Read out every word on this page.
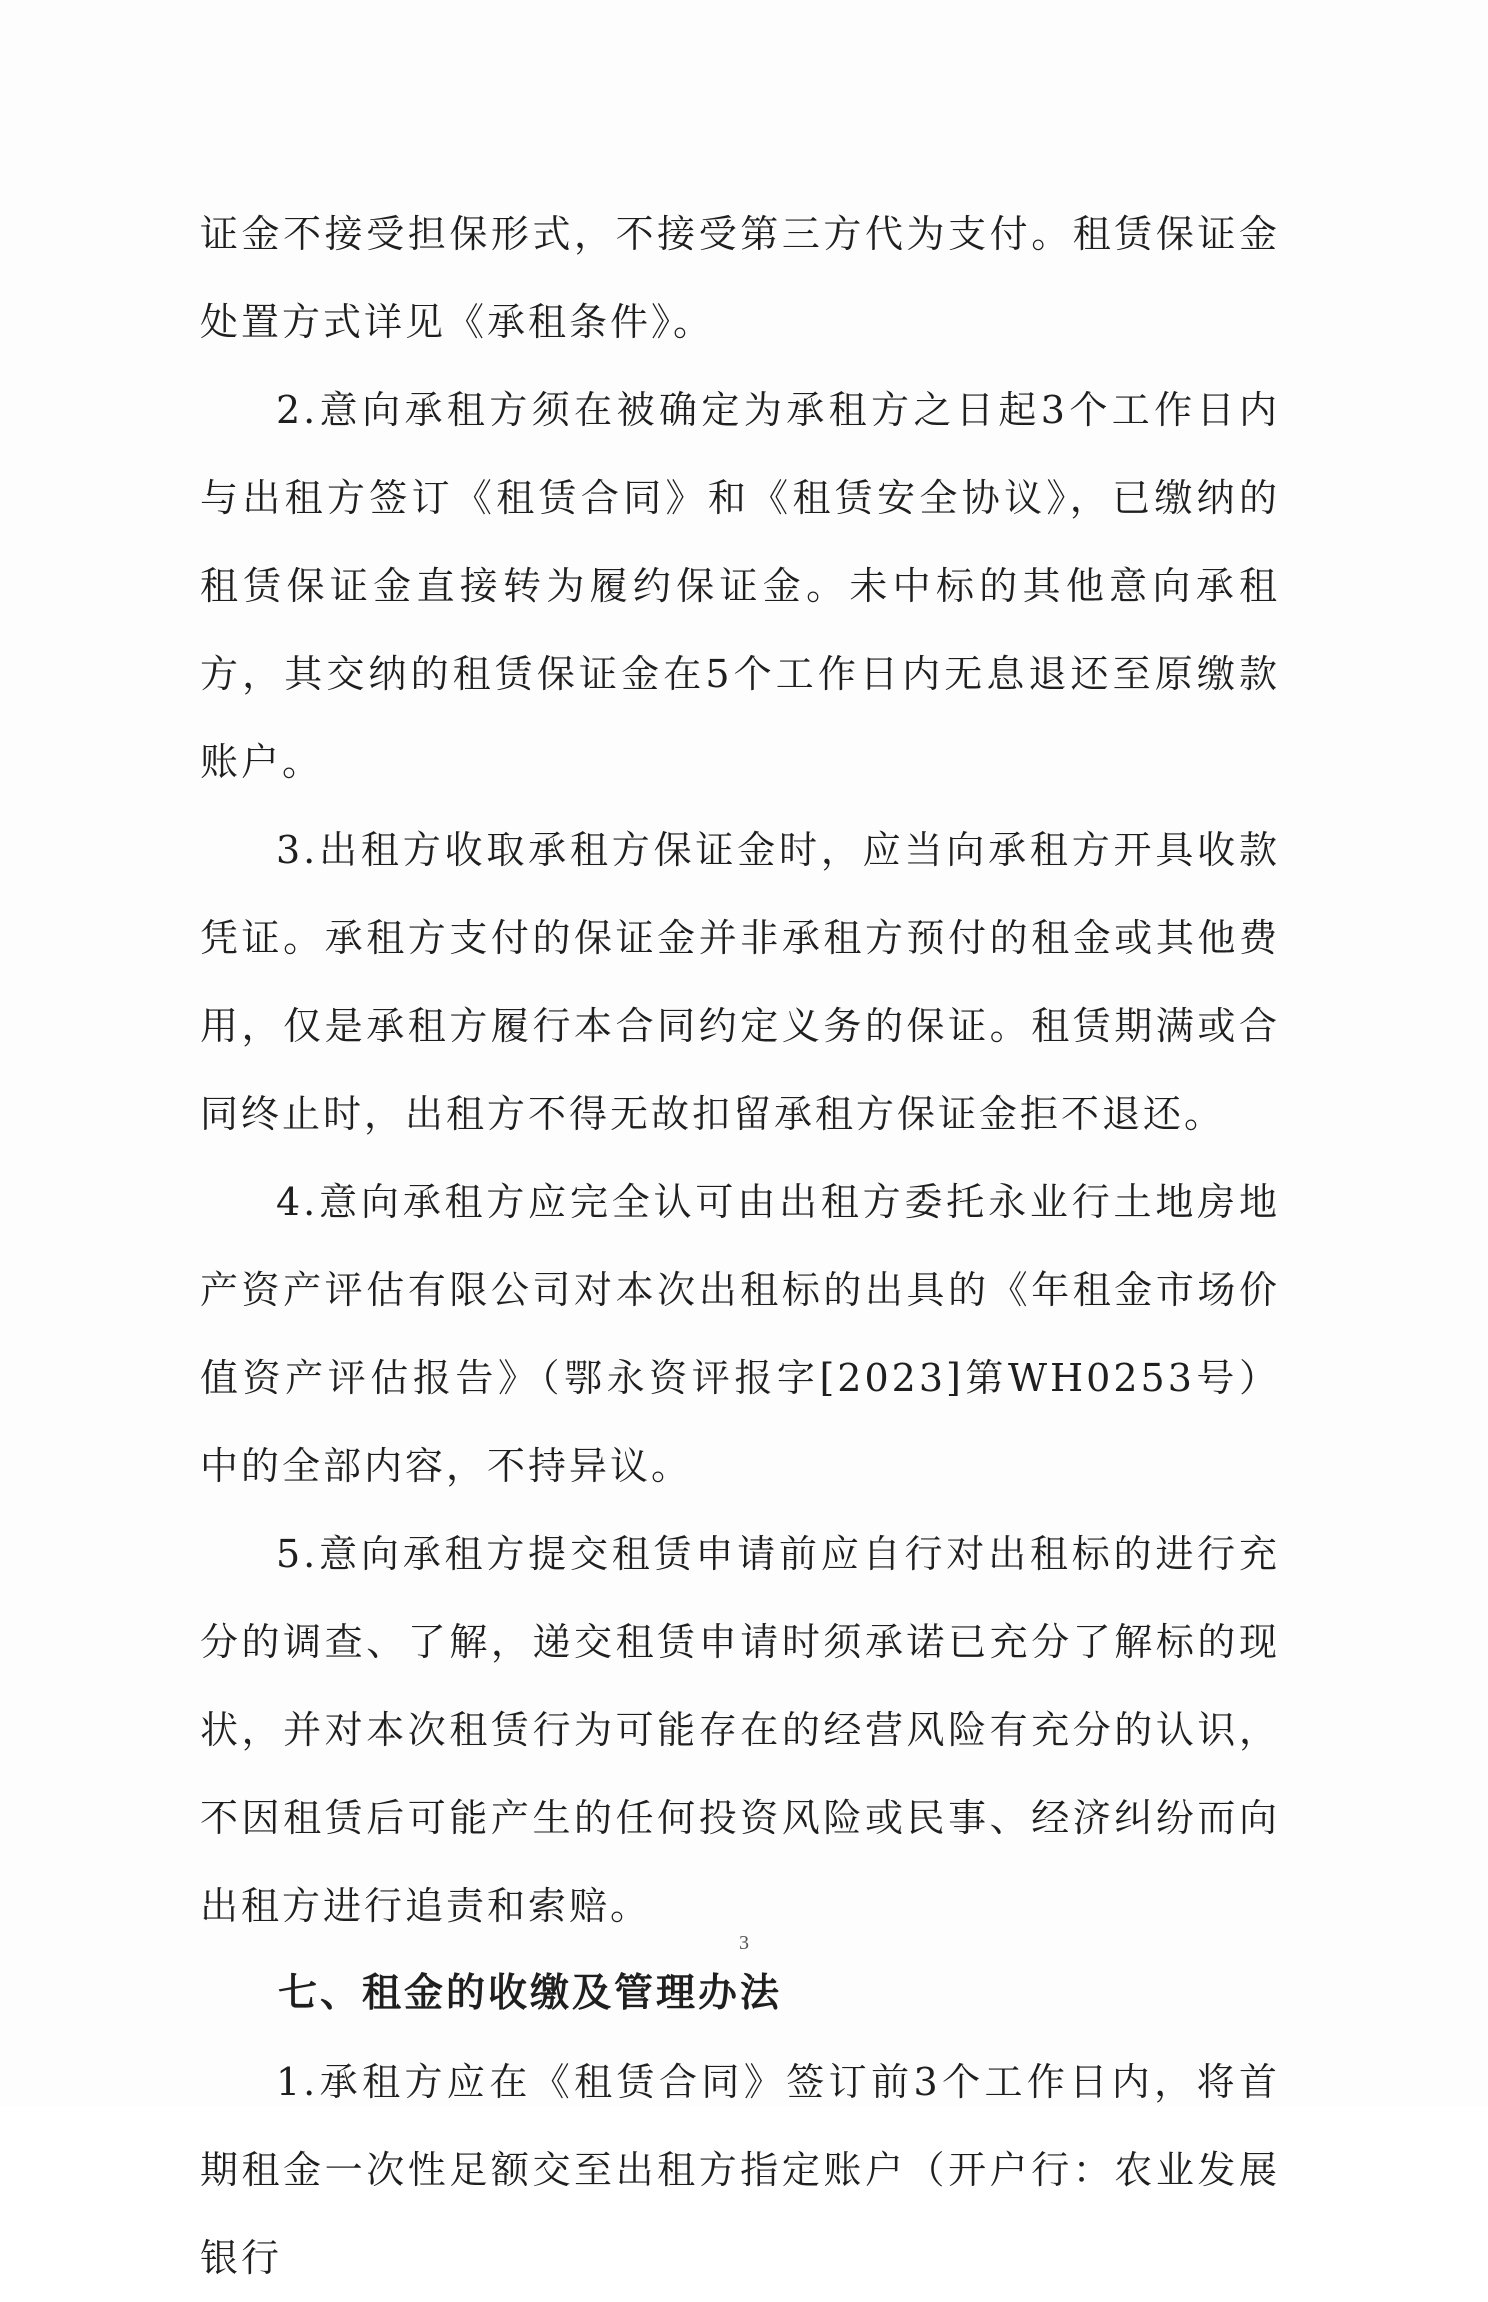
证金不接受担保形式，不接受第三方代为支付。租赁保证金处置方式详见《承租条件》。

2.意向承租方须在被确定为承租方之日起3个工作日内与出租方签订《租赁合同》和《租赁安全协议》，已缴纳的租赁保证金直接转为履约保证金。未中标的其他意向承租方，其交纳的租赁保证金在5个工作日内无息退还至原缴款账户。

3.出租方收取承租方保证金时，应当向承租方开具收款凭证。承租方支付的保证金并非承租方预付的租金或其他费用，仅是承租方履行本合同约定义务的保证。租赁期满或合同终止时，出租方不得无故扣留承租方保证金拒不退还。

4.意向承租方应完全认可由出租方委托永业行土地房地产资产评估有限公司对本次出租标的出具的《年租金市场价值资产评估报告》（鄂永资评报字[2023]第WH0253号）中的全部内容，不持异议。

5.意向承租方提交租赁申请前应自行对出租标的进行充分的调查、了解，递交租赁申请时须承诺已充分了解标的现状，并对本次租赁行为可能存在的经营风险有充分的认识，不因租赁后可能产生的任何投资风险或民事、经济纠纷而向出租方进行追责和索赔。

七、租金的收缴及管理办法

1.承租方应在《租赁合同》签订前3个工作日内，将首期租金一次性足额交至出租方指定账户（开户行：农业发展银行

3
